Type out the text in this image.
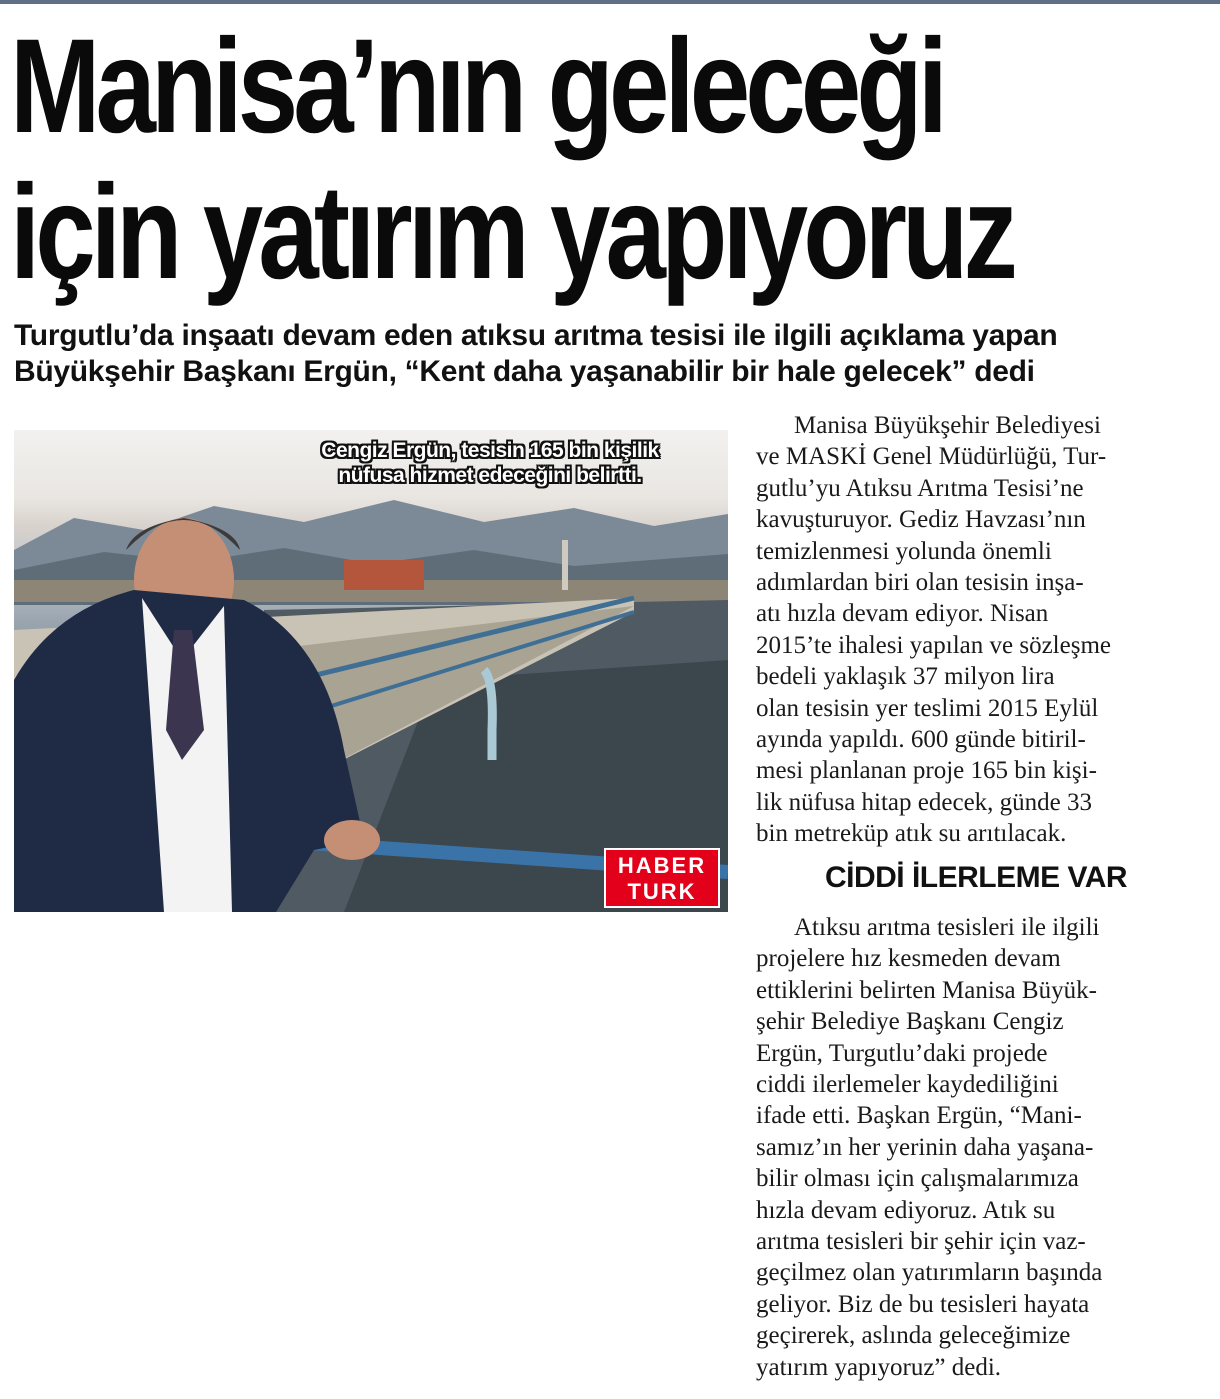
Manisa’nın geleceği
için yatırım yapıyoruz
Turgutlu’da inşaatı devam eden atıksu arıtma tesisi ile ilgili açıklama yapan
Büyükşehir Başkanı Ergün, “Kent daha yaşanabilir bir hale gelecek” dedi
Cengiz Ergün, tesisin 165 bin kişilik
nüfusa hizmet edeceğini belirtti.
HABER
TURK
Manisa Büyükşehir Belediyesi
ve MASKİ Genel Müdürlüğü, Tur-
gutlu’yu Atıksu Arıtma Tesisi’ne
kavuşturuyor. Gediz Havzası’nın
temizlenmesi yolunda önemli
adımlardan biri olan tesisin inşa-
atı hızla devam ediyor. Nisan
2015’te ihalesi yapılan ve sözleşme
bedeli yaklaşık 37 milyon lira
olan tesisin yer teslimi 2015 Eylül
ayında yapıldı. 600 günde bitiril-
mesi planlanan proje 165 bin kişi-
lik nüfusa hitap edecek, günde 33
bin metreküp atık su arıtılacak.
CİDDİ İLERLEME VAR
Atıksu arıtma tesisleri ile ilgili
projelere hız kesmeden devam
ettiklerini belirten Manisa Büyük-
şehir Belediye Başkanı Cengiz
Ergün, Turgutlu’daki projede
ciddi ilerlemeler kaydediliğini
ifade etti. Başkan Ergün, “Mani-
samız’ın her yerinin daha yaşana-
bilir olması için çalışmalarımıza
hızla devam ediyoruz. Atık su
arıtma tesisleri bir şehir için vaz-
geçilmez olan yatırımların başında
geliyor. Biz de bu tesisleri hayata
geçirerek, aslında geleceğimize
yatırım yapıyoruz” dedi.
